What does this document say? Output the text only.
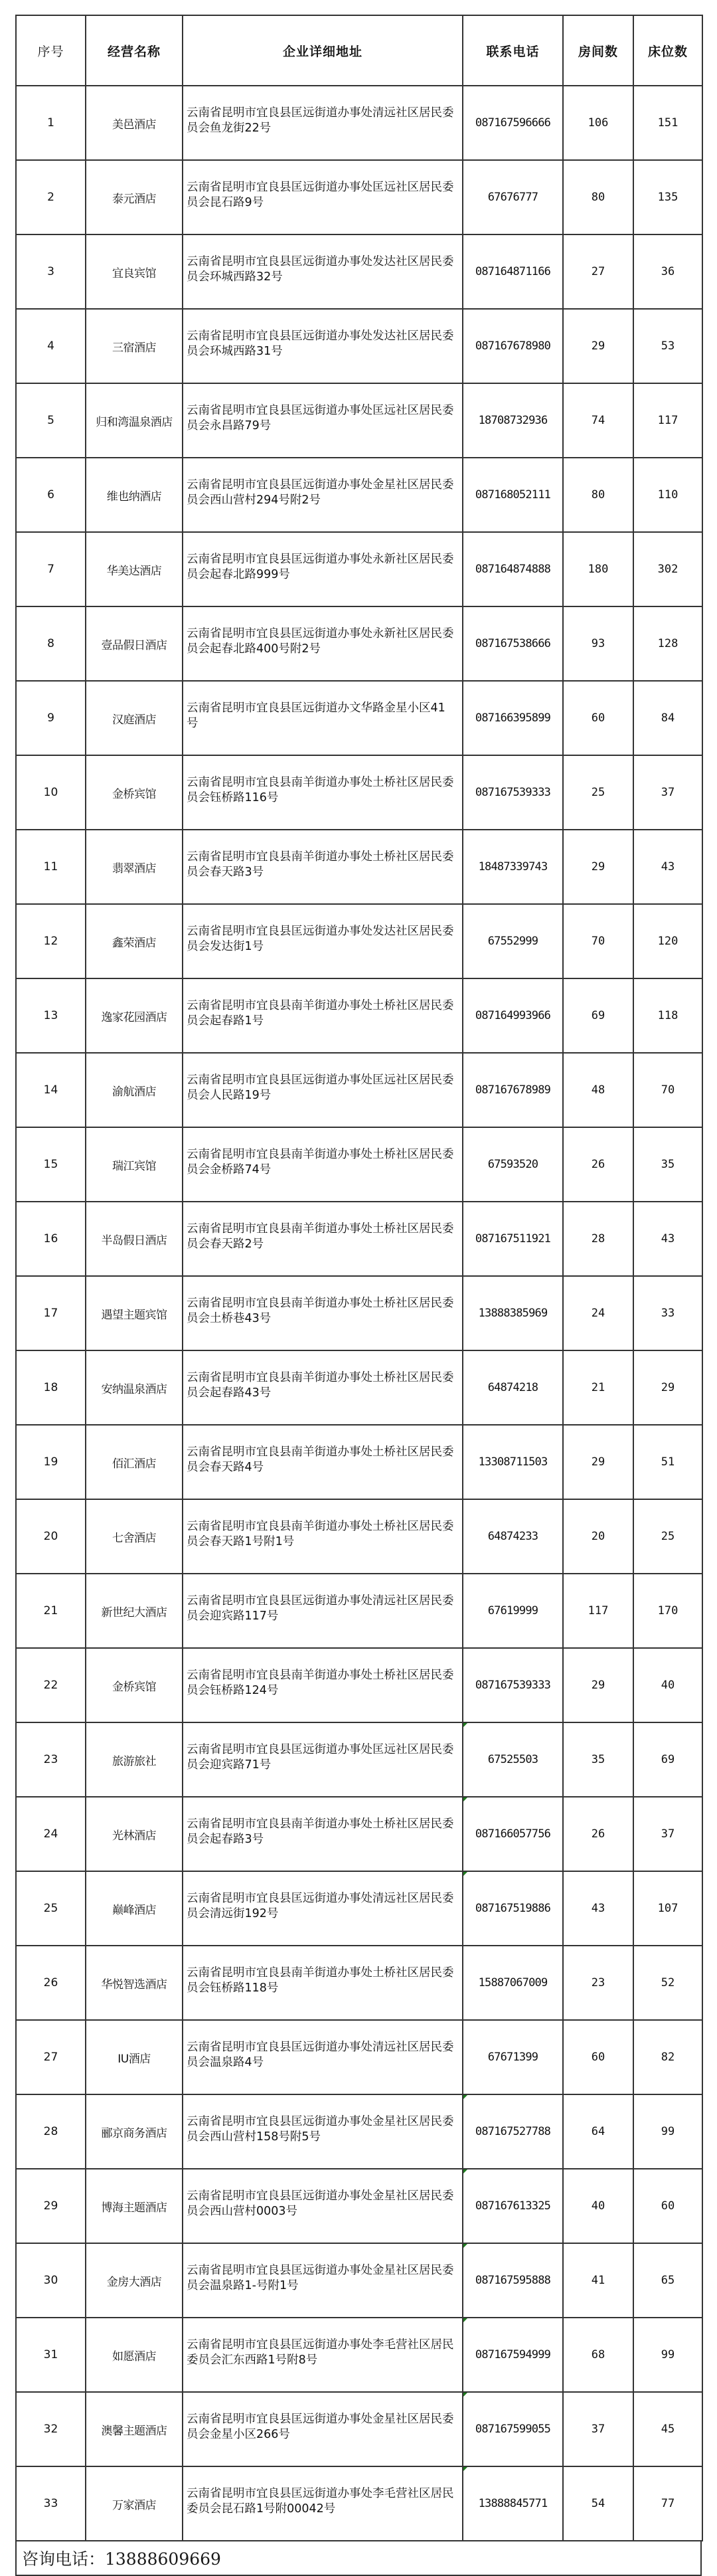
序号	经营名称	企业详细地址	联系电话	房间数	床位数
1	美邑酒店	云南省昆明市宜良县匡远街道办事处清远社区居民委员会鱼龙街22号	087167596666	106	151
2	泰元酒店	云南省昆明市宜良县匡远街道办事处匡远社区居民委员会昆石路9号	67676777	80	135
3	宜良宾馆	云南省昆明市宜良县匡远街道办事处发达社区居民委员会环城西路32号	087164871166	27	36
4	三宿酒店	云南省昆明市宜良县匡远街道办事处发达社区居民委员会环城西路31号	087167678980	29	53
5	归和湾温泉酒店	云南省昆明市宜良县匡远街道办事处匡远社区居民委员会永昌路79号	18708732936	74	117
6	维也纳酒店	云南省昆明市宜良县匡远街道办事处金星社区居民委员会西山营村294号附2号	087168052111	80	110
7	华美达酒店	云南省昆明市宜良县匡远街道办事处永新社区居民委员会起春北路999号	087164874888	180	302
8	壹品假日酒店	云南省昆明市宜良县匡远街道办事处永新社区居民委员会起春北路400号附2号	087167538666	93	128
9	汉庭酒店	云南省昆明市宜良县匡远街道办文华路金星小区41号	087166395899	60	84
10	金桥宾馆	云南省昆明市宜良县南羊街道办事处土桥社区居民委员会钰桥路116号	087167539333	25	37
11	翡翠酒店	云南省昆明市宜良县南羊街道办事处土桥社区居民委员会春天路3号	18487339743	29	43
12	鑫荣酒店	云南省昆明市宜良县匡远街道办事处发达社区居民委员会发达街1号	67552999	70	120
13	逸家花园酒店	云南省昆明市宜良县南羊街道办事处土桥社区居民委员会起春路1号	087164993966	69	118
14	渝航酒店	云南省昆明市宜良县匡远街道办事处匡远社区居民委员会人民路19号	087167678989	48	70
15	瑞江宾馆	云南省昆明市宜良县南羊街道办事处土桥社区居民委员会金桥路74号	67593520	26	35
16	半岛假日酒店	云南省昆明市宜良县南羊街道办事处土桥社区居民委员会春天路2号	087167511921	28	43
17	遇望主题宾馆	云南省昆明市宜良县南羊街道办事处土桥社区居民委员会土桥巷43号	13888385969	24	33
18	安纳温泉酒店	云南省昆明市宜良县南羊街道办事处土桥社区居民委员会起春路43号	64874218	21	29
19	佰汇酒店	云南省昆明市宜良县南羊街道办事处土桥社区居民委员会春天路4号	13308711503	29	51
20	七舍酒店	云南省昆明市宜良县南羊街道办事处土桥社区居民委员会春天路1号附1号	64874233	20	25
21	新世纪大酒店	云南省昆明市宜良县匡远街道办事处清远社区居民委员会迎宾路117号	67619999	117	170
22	金桥宾馆	云南省昆明市宜良县南羊街道办事处土桥社区居民委员会钰桥路124号	087167539333	29	40
23	旅游旅社	云南省昆明市宜良县匡远街道办事处匡远社区居民委员会迎宾路71号	67525503	35	69
24	光林酒店	云南省昆明市宜良县南羊街道办事处土桥社区居民委员会起春路3号	087166057756	26	37
25	巅峰酒店	云南省昆明市宜良县匡远街道办事处清远社区居民委员会清远街192号	087167519886	43	107
26	华悦智选酒店	云南省昆明市宜良县南羊街道办事处土桥社区居民委员会钰桥路118号	15887067009	23	52
27	IU酒店	云南省昆明市宜良县匡远街道办事处清远社区居民委员会温泉路4号	67671399	60	82
28	郦京商务酒店	云南省昆明市宜良县匡远街道办事处金星社区居民委员会西山营村158号附5号	087167527788	64	99
29	博海主题酒店	云南省昆明市宜良县匡远街道办事处金星社区居民委员会西山营村0003号	087167613325	40	60
30	金房大酒店	云南省昆明市宜良县匡远街道办事处金星社区居民委员会温泉路1-号附1号	087167595888	41	65
31	如愿酒店	云南省昆明市宜良县匡远街道办事处李毛营社区居民委员会汇东西路1号附8号	087167594999	68	99
32	澳馨主题酒店	云南省昆明市宜良县匡远街道办事处金星社区居民委员会金星小区266号	087167599055	37	45
33	万家酒店	云南省昆明市宜良县匡远街道办事处李毛营社区居民委员会昆石路1号附00042号	13888845771	54	77
咨询电话：13888609669
